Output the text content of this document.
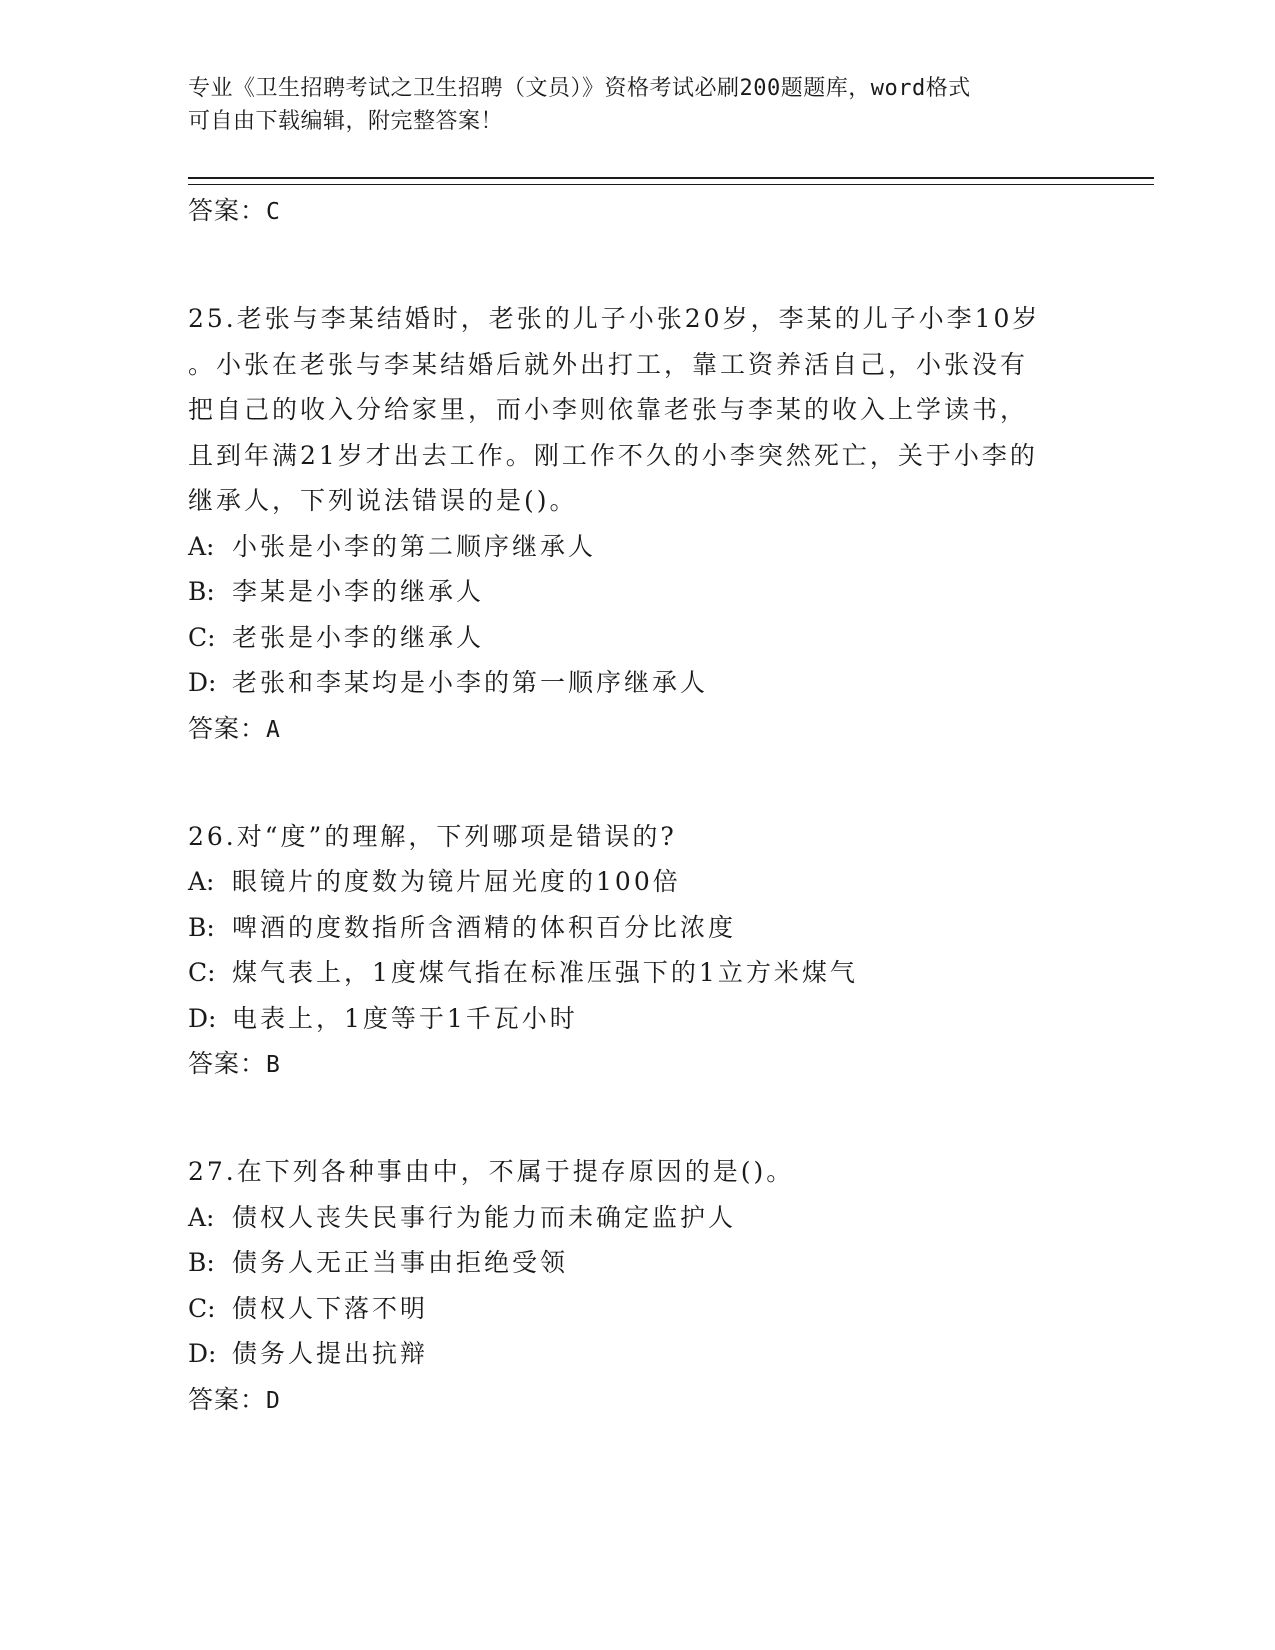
专业《卫生招聘考试之卫生招聘（文员）》资格考试必刷200题题库，word格式
可自由下载编辑，附完整答案！
答案：C
25.老张与李某结婚时，老张的儿子小张20岁，李某的儿子小李10岁
。小张在老张与李某结婚后就外出打工，靠工资养活自己，小张没有
把自己的收入分给家里，而小李则依靠老张与李某的收入上学读书，
且到年满21岁才出去工作。刚工作不久的小李突然死亡，关于小李的
继承人，下列说法错误的是()。
A: 小张是小李的第二顺序继承人
B: 李某是小李的继承人
C: 老张是小李的继承人
D: 老张和李某均是小李的第一顺序继承人
答案：A
26.对“度”的理解，下列哪项是错误的?
A: 眼镜片的度数为镜片屈光度的100倍
B: 啤酒的度数指所含酒精的体积百分比浓度
C: 煤气表上，1度煤气指在标准压强下的1立方米煤气
D: 电表上，1度等于1千瓦小时
答案：B
27.在下列各种事由中，不属于提存原因的是()。
A: 债权人丧失民事行为能力而未确定监护人
B: 债务人无正当事由拒绝受领
C: 债权人下落不明
D: 债务人提出抗辩
答案：D
